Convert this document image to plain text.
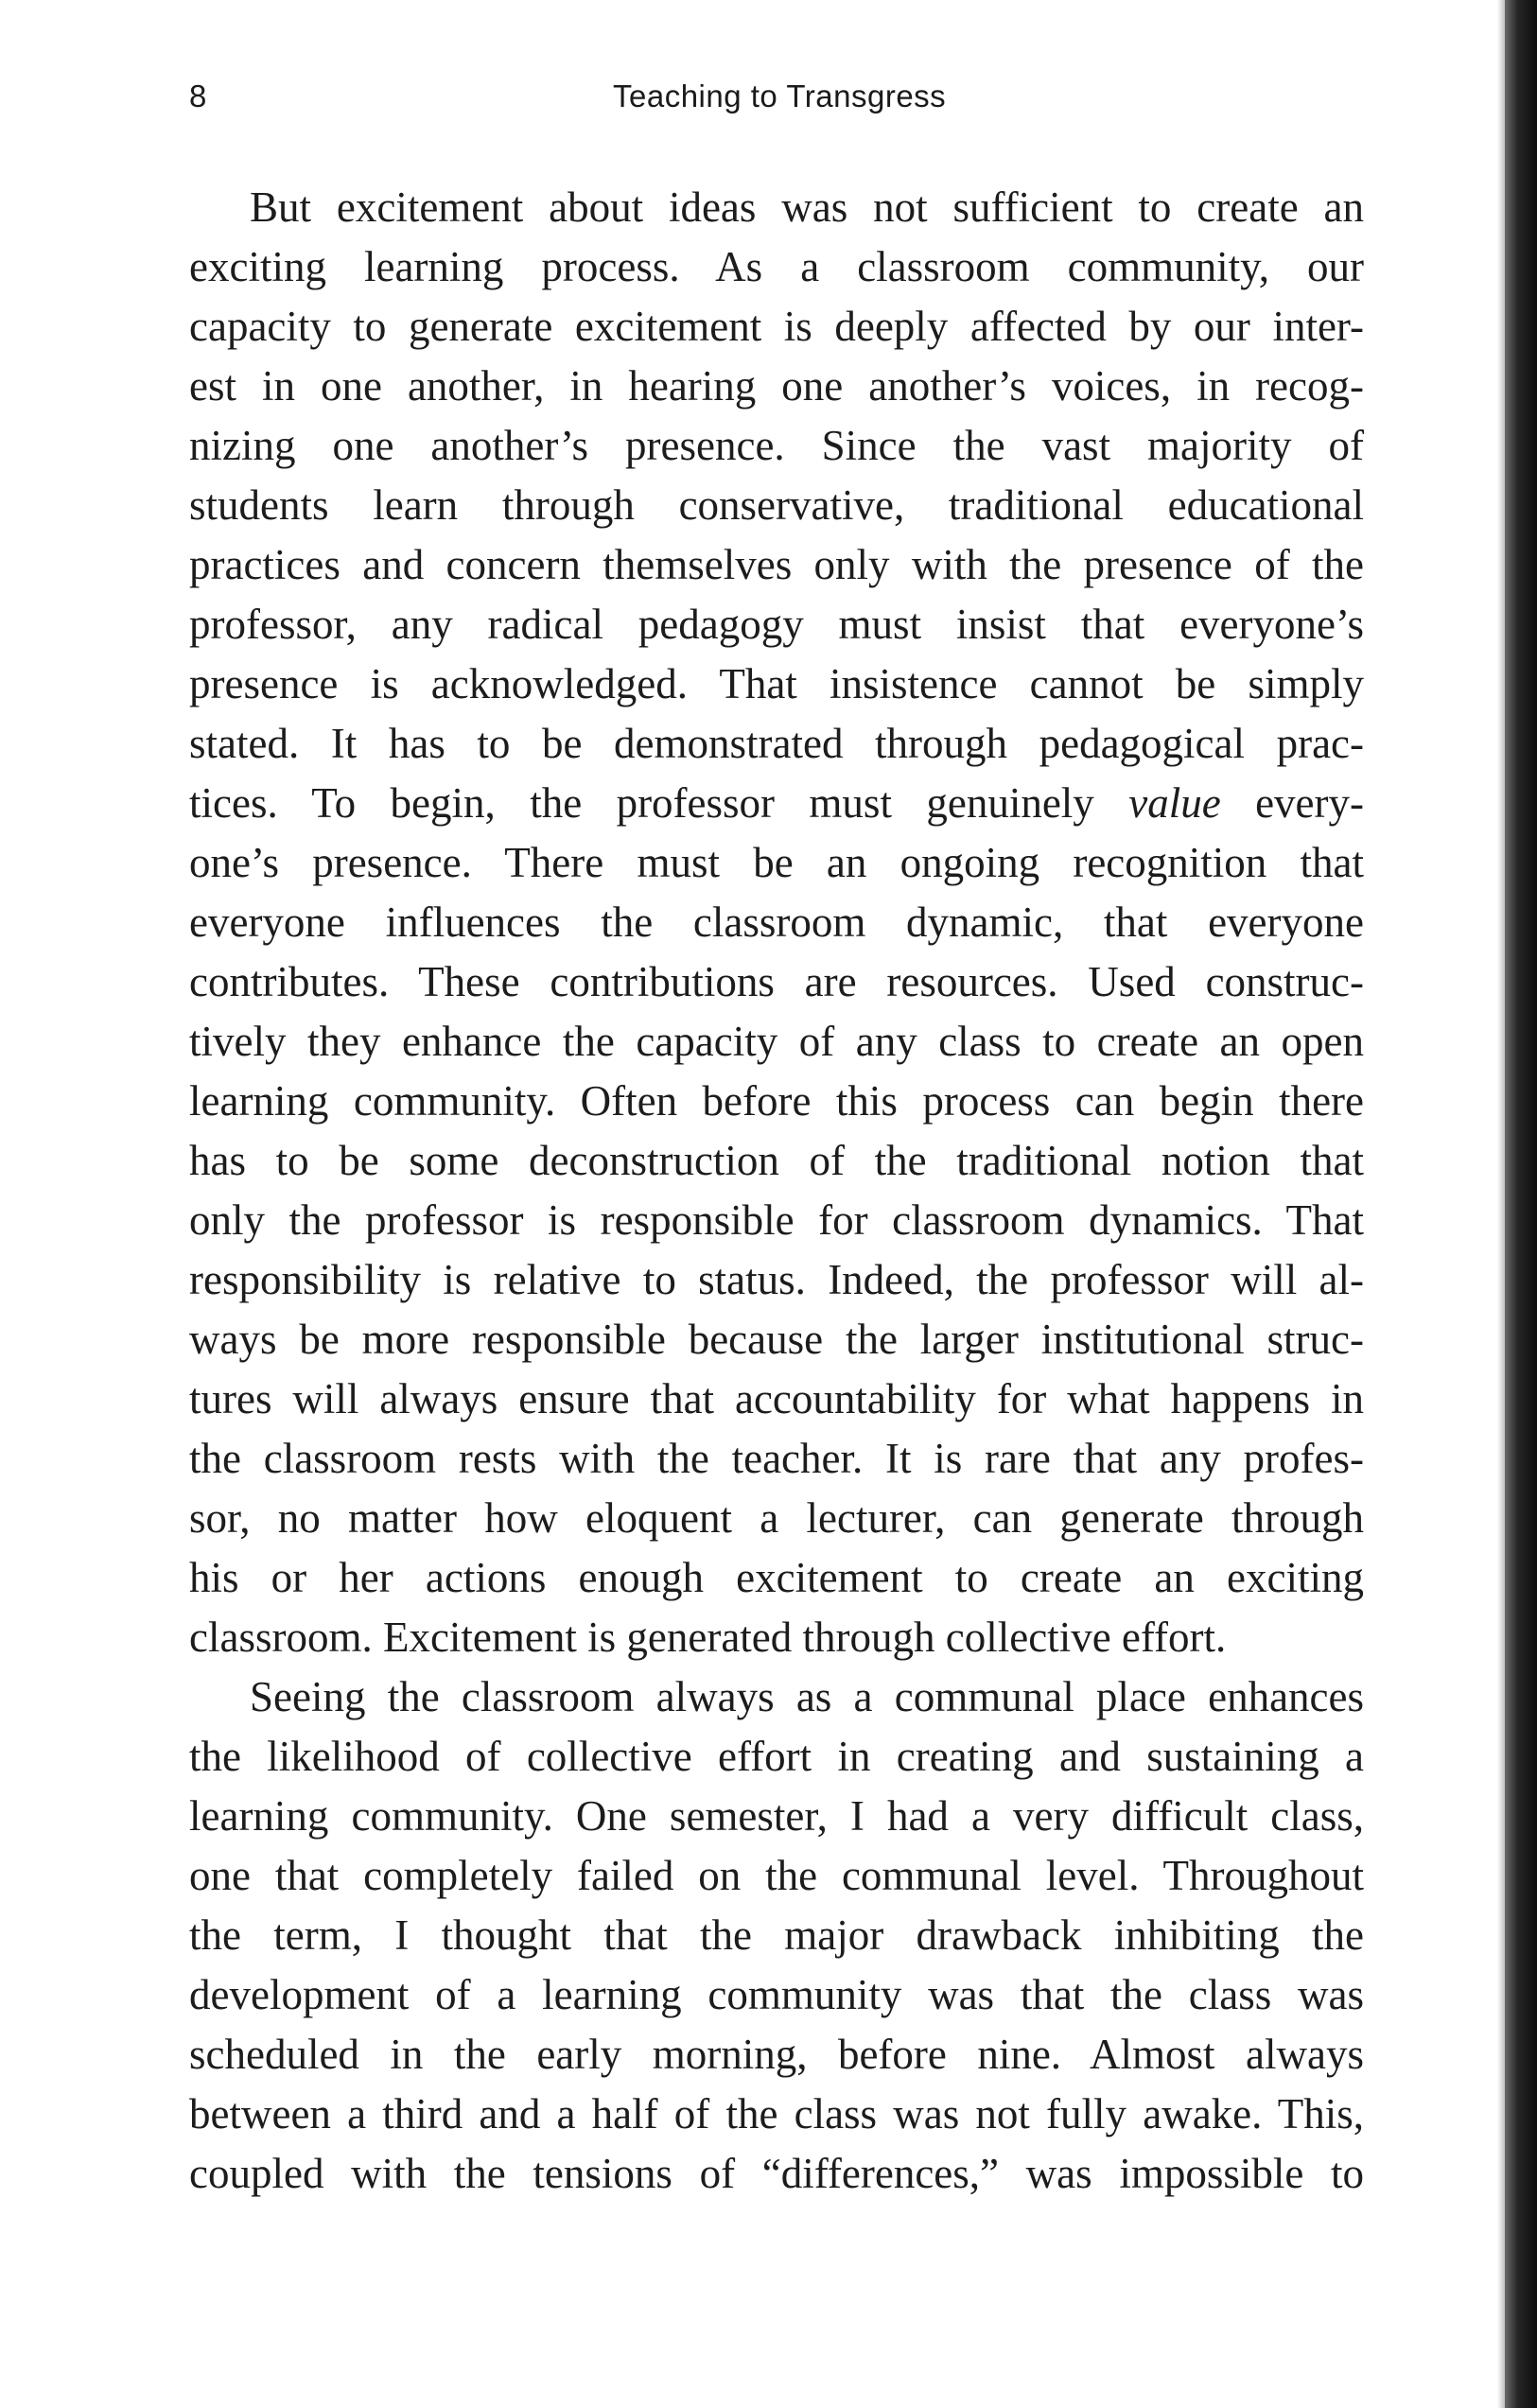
8	Teaching to Transgress
But excitement about ideas was not sufficient to create an
exciting learning process. As a classroom community, our
capacity to generate excitement is deeply affected by our inter-
est in one another, in hearing one another’s voices, in recog-
nizing one another’s presence. Since the vast majority of
students learn through conservative, traditional educational
practices and concern themselves only with the presence of the
professor, any radical pedagogy must insist that everyone’s
presence is acknowledged. That insistence cannot be simply
stated. It has to be demonstrated through pedagogical prac-
tices. To begin, the professor must genuinely value every-
one’s presence. There must be an ongoing recognition that
everyone influences the classroom dynamic, that everyone
contributes. These contributions are resources. Used construc-
tively they enhance the capacity of any class to create an open
learning community. Often before this process can begin there
has to be some deconstruction of the traditional notion that
only the professor is responsible for classroom dynamics. That
responsibility is relative to status. Indeed, the professor will al-
ways be more responsible because the larger institutional struc-
tures will always ensure that accountability for what happens in
the classroom rests with the teacher. It is rare that any profes-
sor, no matter how eloquent a lecturer, can generate through
his or her actions enough excitement to create an exciting
classroom. Excitement is generated through collective effort.
Seeing the classroom always as a communal place enhances
the likelihood of collective effort in creating and sustaining a
learning community. One semester, I had a very difficult class,
one that completely failed on the communal level. Throughout
the term, I thought that the major drawback inhibiting the
development of a learning community was that the class was
scheduled in the early morning, before nine. Almost always
between a third and a half of the class was not fully awake. This,
coupled with the tensions of “differences,” was impossible to
